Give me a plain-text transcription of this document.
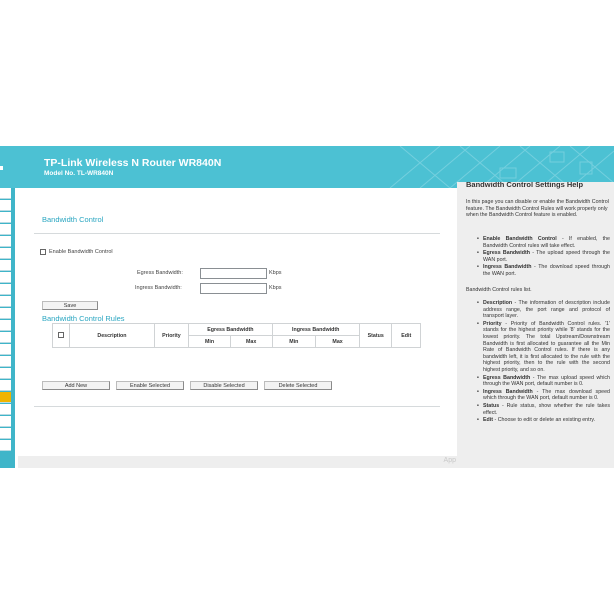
TP-Link Wireless N Router WR840N
Model No. TL-WR840N
Bandwidth Control
Enable Bandwidth Control
Egress Bandwidth:	Kbps
Ingress Bandwidth:	Kbps
Save
Bandwidth Control Rules
	Description	Priority	Egress Bandwidth		Ingress Bandwidth		Status	Edit
			Min	Max	Min	Max		
Add New	Enable Selected	Disable Selected	Delete Selected
App
Bandwidth Control Settings Help

In this page you can disable or enable the Bandwidth Control feature. The Bandwidth Control Rules will work properly only when the Bandwidth Control feature is enabled.

• Enable Bandwidth Control - If enabled, the Bandwidth Control rules will take effect.
• Egress Bandwidth - The upload speed through the WAN port.
• Ingress Bandwidth - The download speed through the WAN port.

Bandwidth Control rules list.

• Description - The information of description include address range, the port range and protocol of transport layer.
• Priority - Priority of Bandwidth Control rules. '1' stands for the highest priority while '8' stands for the lowest priority. The total Upstream/Downstream Bandwidth is first allocated to guarantee all the Min Rate of Bandwidth Control rules. If there is any bandwidth left, it is first allocated to the rule with the highest priority, then to the rule with the second highest priority, and so on.
• Egress Bandwidth - The max upload speed which through the WAN port, default number is 0.
• Ingress Bandwidth - The max download speed which through the WAN port, default number is 0.
• Status - Rule status, show whether the rule takes effect.
• Edit - Choose to edit or delete an existing entry.
